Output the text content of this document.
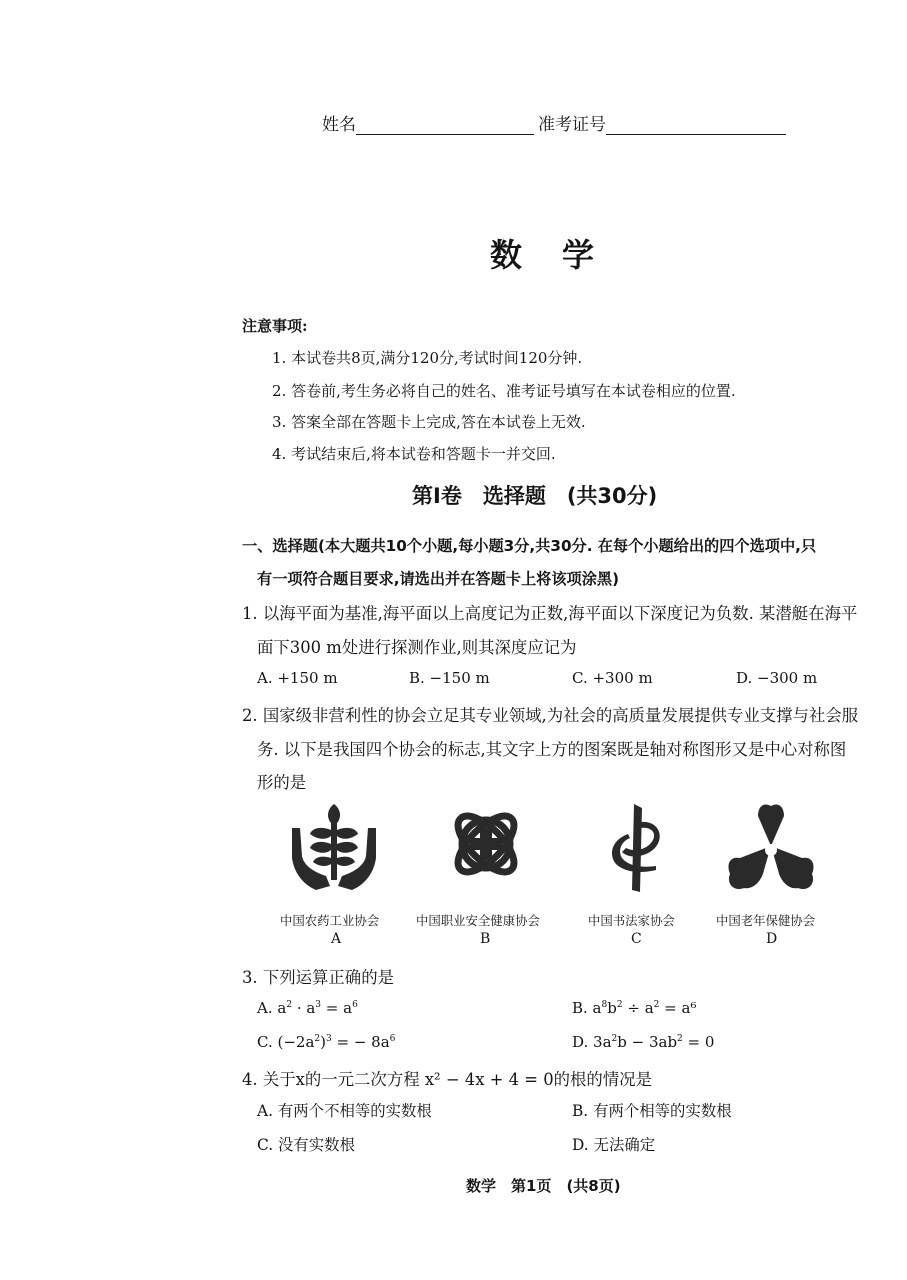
姓名	准考证号
数　学
注意事项:
1. 本试卷共8页,满分120分,考试时间120分钟.
2. 答卷前,考生务必将自己的姓名、准考证号填写在本试卷相应的位置.
3. 答案全部在答题卡上完成,答在本试卷上无效.
4. 考试结束后,将本试卷和答题卡一并交回.
第Ⅰ卷　选择题　(共30分)
一、选择题(本大题共10个小题,每小题3分,共30分. 在每个小题给出的四个选项中,只
有一项符合题目要求,请选出并在答题卡上将该项涂黑)
1. 以海平面为基准,海平面以上高度记为正数,海平面以下深度记为负数. 某潜艇在海平
面下300 m处进行探测作业,则其深度应记为
A. +150 m	B. −150 m	C. +300 m	D. −300 m
2. 国家级非营利性的协会立足其专业领域,为社会的高质量发展提供专业支撑与社会服
务. 以下是我国四个协会的标志,其文字上方的图案既是轴对称图形又是中心对称图
形的是
中国农药工业协会
A
中国职业安全健康协会
B
中国书法家协会
C
中国老年保健协会
D
3. 下列运算正确的是
A. $a^2 \cdot a^3 = a^6$	B. $a^8b^2 \div a^2 = a^6$
C. $(-2a^2)^3$ = − $8a^6$	D. $3a^2b - 3ab^2 = 0$
4. 关于x的一元二次方程 x² − 4x + 4 = 0的根的情况是
A. 有两个不相等的实数根	B. 有两个相等的实数根
C. 没有实数根	D. 无法确定
数学　第1页　(共8页)
